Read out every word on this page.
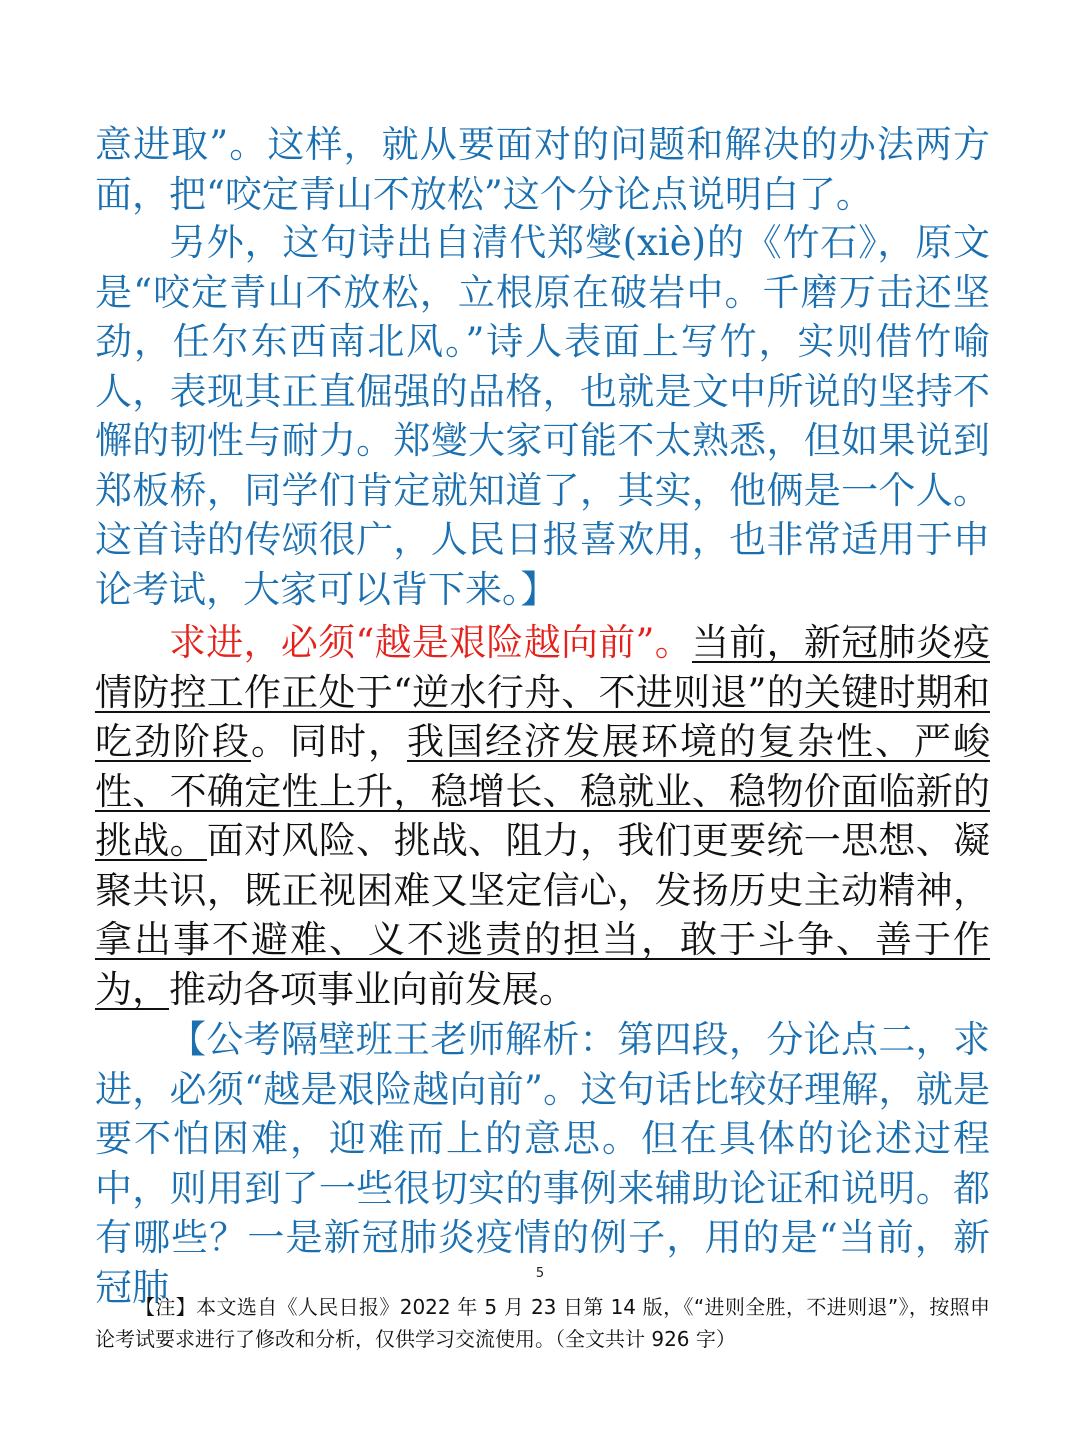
意进取”。这样，就从要面对的问题和解决的办法两方面，把“咬定青山不放松”这个分论点说明白了。

另外，这句诗出自清代郑燮(xiè)的《竹石》，原文是“咬定青山不放松，立根原在破岩中。千磨万击还坚劲，任尔东西南北风。”诗人表面上写竹，实则借竹喻人，表现其正直倔强的品格，也就是文中所说的坚持不懈的韧性与耐力。郑燮大家可能不太熟悉，但如果说到郑板桥，同学们肯定就知道了，其实，他俩是一个人。这首诗的传颂很广，人民日报喜欢用，也非常适用于申论考试，大家可以背下来。】

求进，必须“越是艰险越向前”。当前，新冠肺炎疫情防控工作正处于“逆水行舟、不进则退”的关键时期和吃劲阶段。同时，我国经济发展环境的复杂性、严峻性、不确定性上升，稳增长、稳就业、稳物价面临新的挑战。面对风险、挑战、阻力，我们更要统一思想、凝聚共识，既正视困难又坚定信心，发扬历史主动精神，拿出事不避难、义不逃责的担当，敢于斗争、善于作为，推动各项事业向前发展。

【公考隔壁班王老师解析：第四段，分论点二，求进，必须“越是艰险越向前”。这句话比较好理解，就是要不怕困难，迎难而上的意思。但在具体的论述过程中，则用到了一些很切实的事例来辅助论证和说明。都有哪些？一是新冠肺炎疫情的例子，用的是“当前，新冠肺	5

【注】本文选自《人民日报》2022 年 5 月 23 日第 14 版，《“进则全胜，不进则退”》，按照申论考试要求进行了修改和分析，仅供学习交流使用。（全文共计 926 字）
